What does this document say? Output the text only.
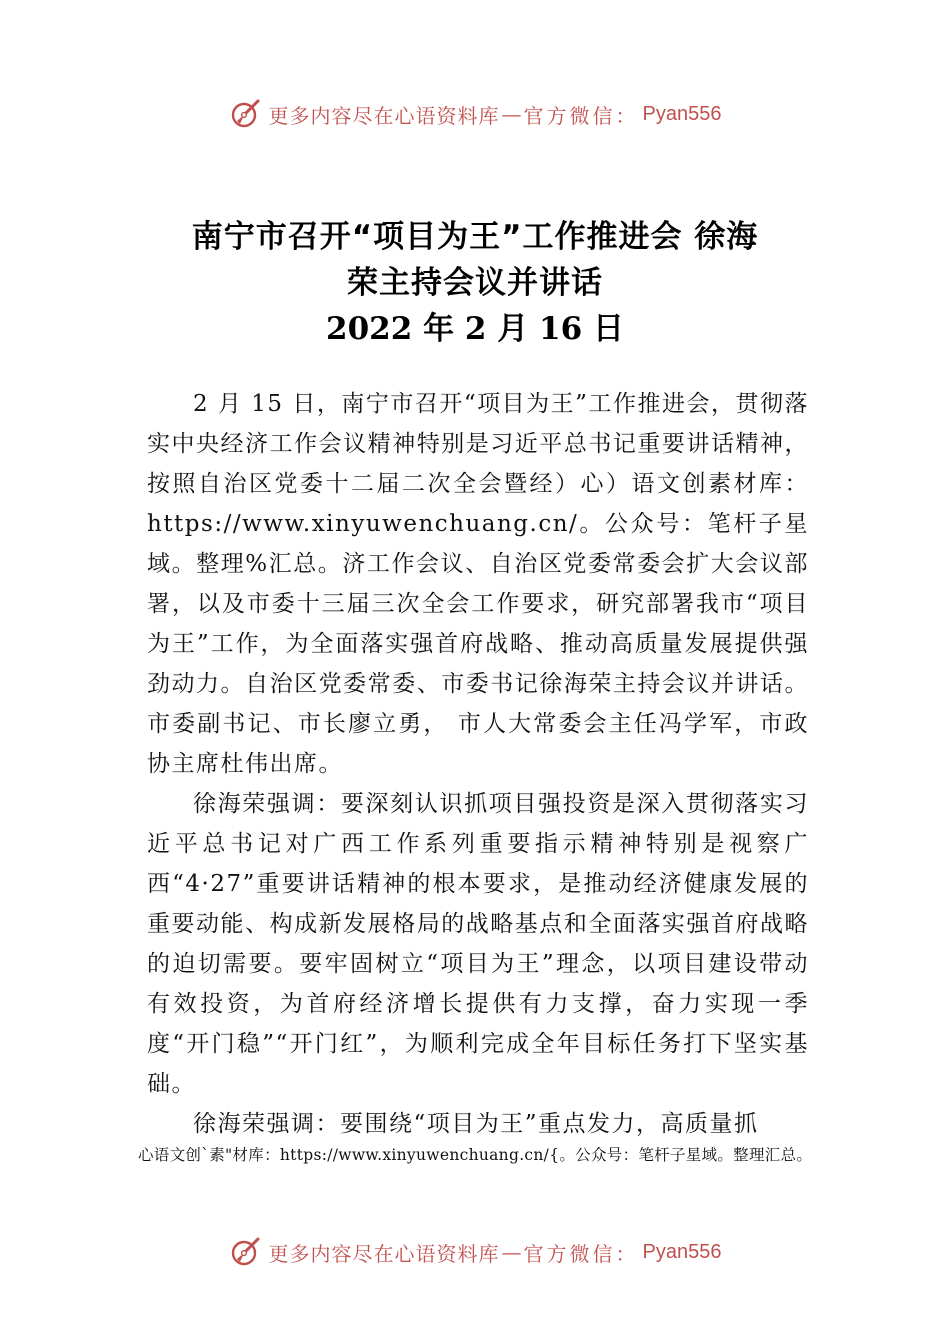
更多内容尽在心语资料库 — 官方微信： Pyan556

南宁市召开“项目为王”工作推进会 徐海

荣主持会议并讲话

2022 年 2 月 16 日

2 月 15 日，南宁市召开“项目为王”工作推进会，贯彻落实中央经济工作会议精神特别是习近平总书记重要讲话精神，按照自治区党委十二届二次全会暨经）心）语文创素材库：https://www.xinyuwenchuang.cn/。公众号：笔杆子星域。整理%汇总。济工作会议、自治区党委常委会扩大会议部署，以及市委十三届三次全会工作要求，研究部署我市“项目为王”工作，为全面落实强首府战略、推动高质量发展提供强劲动力。自治区党委常委、市委书记徐海荣主持会议并讲话。市委副书记、市长廖立勇， 市人大常委会主任冯学军，市政协主席杜伟出席。

徐海荣强调：要深刻认识抓项目强投资是深入贯彻落实习近平总书记对广西工作系列重要指示精神特别是视察广西“4·27”重要讲话精神的根本要求，是推动经济健康发展的重要动能、构成新发展格局的战略基点和全面落实强首府战略的迫切需要。要牢固树立“项目为王”理念，以项目建设带动有效投资，为首府经济增长提供有力支撑，奋力实现一季度“开门稳”“开门红”，为顺利完成全年目标任务打下坚实基础。

徐海荣强调：要围绕“项目为王”重点发力，高质量抓

心语文创`素"材库：https://www.xinyuwenchuang.cn/{。公众号：笔杆子星域。整理汇总。
更多内容尽在心语资料库 — 官方微信： Pyan556
